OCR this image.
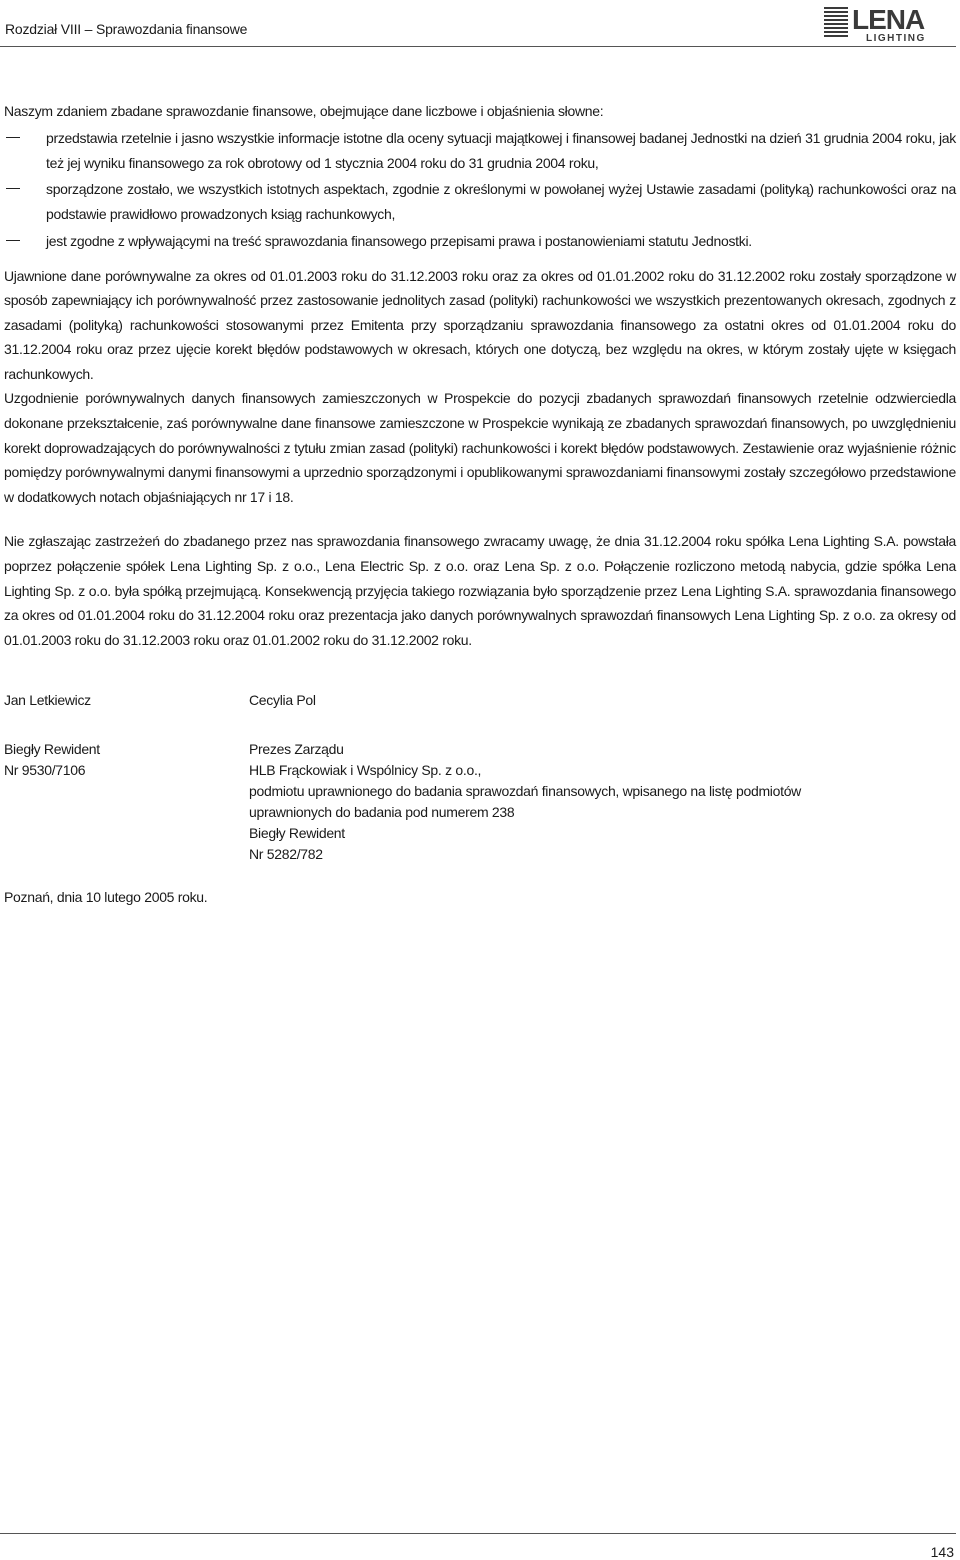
Rozdział VIII – Sprawozdania finansowe	LENA
LIGHTING

Naszym zdaniem zbadane sprawozdanie finansowe, obejmujące dane liczbowe i objaśnienia słowne:

przedstawia rzetelnie i jasno wszystkie informacje istotne dla oceny sytuacji majątkowej i finansowej badanej Jednostki na dzień 31 grudnia 2004 roku, jak też jej wyniku finansowego za rok obrotowy od 1 stycznia 2004 roku do 31 grudnia 2004 roku,
sporządzone zostało, we wszystkich istotnych aspektach, zgodnie z określonymi w powołanej wyżej Ustawie zasadami (polityką) rachunkowości oraz na podstawie prawidłowo prowadzonych ksiąg rachunkowych,
jest zgodne z wpływającymi na treść sprawozdania finansowego przepisami prawa i postanowieniami statutu Jednostki.

Ujawnione dane porównywalne za okres od 01.01.2003 roku do 31.12.2003 roku oraz za okres od 01.01.2002 roku do 31.12.2002 roku zostały sporządzone w sposób zapewniający ich porównywalność przez zastosowanie jednolitych zasad (polityki) rachunkowości we wszystkich prezentowanych okresach, zgodnych z zasadami (polityką) rachunkowości stosowanymi przez Emitenta przy sporządzaniu sprawozdania finansowego za ostatni okres od 01.01.2004 roku do 31.12.2004 roku oraz przez ujęcie korekt błędów podstawowych w okresach, których one dotyczą, bez względu na okres, w którym zostały ujęte w księgach rachunkowych.

Uzgodnienie porównywalnych danych finansowych zamieszczonych w Prospekcie do pozycji zbadanych sprawozdań finansowych rzetelnie odzwierciedla dokonane przekształcenie, zaś porównywalne dane finansowe zamieszczone w Prospekcie wynikają ze zbadanych sprawozdań finansowych, po uwzględnieniu korekt doprowadzających do porównywalności z tytułu zmian zasad (polityki) rachunkowości i korekt błędów podstawowych. Zestawienie oraz wyjaśnienie różnic pomiędzy porównywalnymi danymi finansowymi a uprzednio sporządzonymi i opublikowanymi sprawozdaniami finansowymi zostały szczegółowo przedstawione w dodatkowych notach objaśniających nr 17 i 18.

Nie zgłaszając zastrzeżeń do zbadanego przez nas sprawozdania finansowego zwracamy uwagę, że dnia 31.12.2004 roku spółka Lena Lighting S.A. powstała poprzez połączenie spółek Lena Lighting Sp. z o.o., Lena Electric Sp. z o.o. oraz Lena Sp. z o.o. Połączenie rozliczono metodą nabycia, gdzie spółka Lena Lighting Sp. z o.o. była spółką przejmującą. Konsekwencją przyjęcia takiego rozwiązania było sporządzenie przez Lena Lighting S.A. sprawozdania finansowego za okres od 01.01.2004 roku do 31.12.2004 roku oraz prezentacja jako danych porównywalnych sprawozdań finansowych Lena Lighting Sp. z o.o. za okresy od 01.01.2003 roku do 31.12.2003 roku oraz 01.01.2002 roku do 31.12.2002 roku.

Jan Letkiewicz

Biegły Rewident

Nr 9530/7106

Cecylia Pol

Prezes Zarządu

HLB Frąckowiak i Wspólnicy Sp. z o.o.,

podmiotu uprawnionego do badania sprawozdań finansowych, wpisanego na listę podmiotów

uprawnionych do badania pod numerem 238

Biegły Rewident

Nr 5282/782

Poznań, dnia 10 lutego 2005 roku.

143
